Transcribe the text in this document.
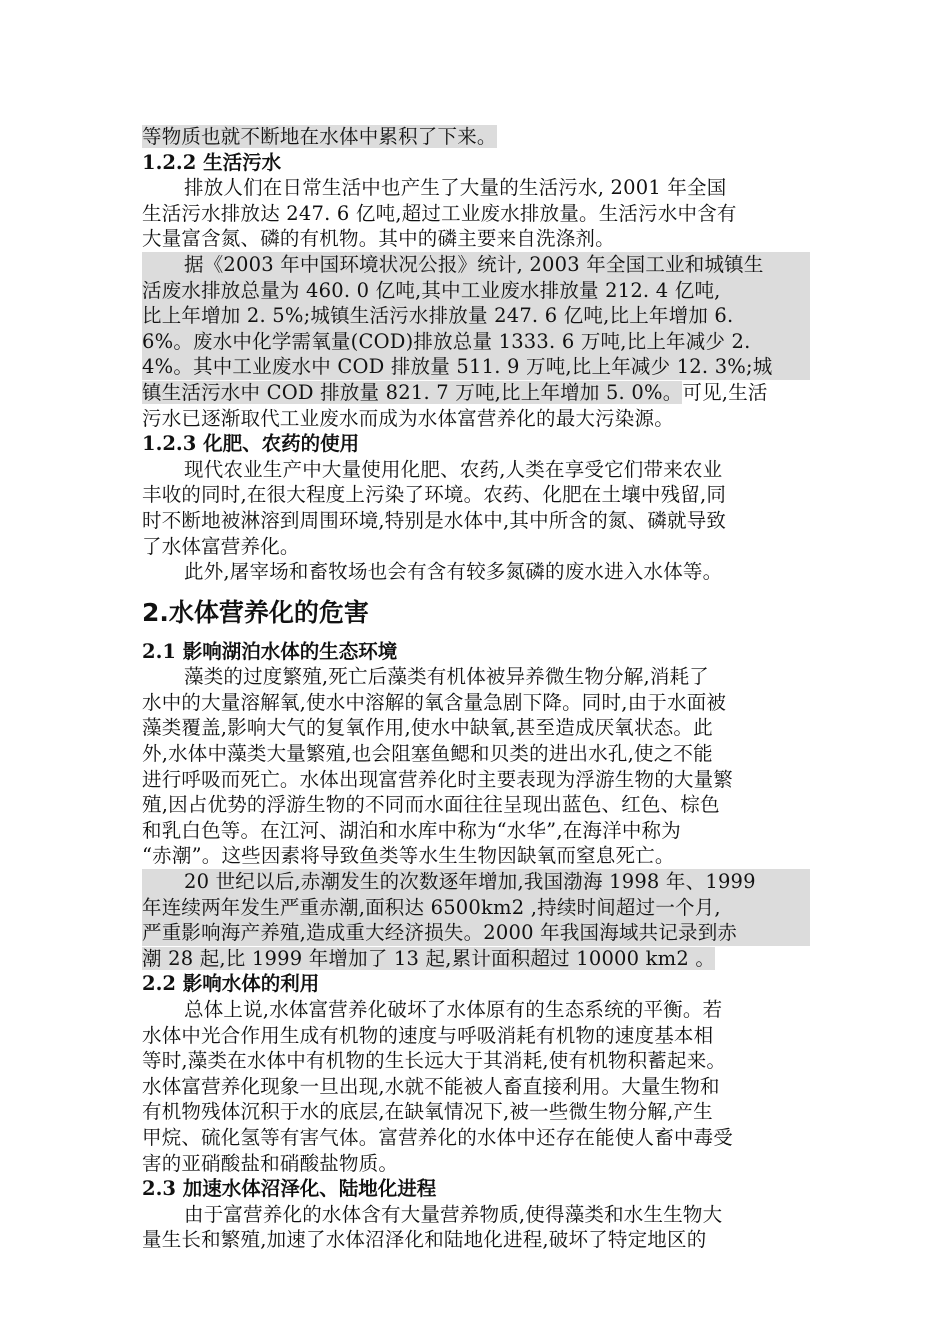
等物质也就不断地在水体中累积了下来。
1.2.2 生活污水
排放人们在日常生活中也产生了大量的生活污水, 2001 年全国
生活污水排放达 247. 6 亿吨,超过工业废水排放量。生活污水中含有
大量富含氮、磷的有机物。其中的磷主要来自洗涤剂。
据《2003 年中国环境状况公报》统计, 2003 年全国工业和城镇生
活废水排放总量为 460. 0 亿吨,其中工业废水排放量 212. 4 亿吨,
比上年增加 2. 5%;城镇生活污水排放量 247. 6 亿吨,比上年增加 6.
6%。废水中化学需氧量(COD)排放总量 1333. 6 万吨,比上年减少 2.
4%。其中工业废水中 COD 排放量 511. 9 万吨,比上年减少 12. 3%;城
镇生活污水中 COD 排放量 821. 7 万吨,比上年增加 5. 0%。可见,生活
污水已逐渐取代工业废水而成为水体富营养化的最大污染源。
1.2.3 化肥、农药的使用
现代农业生产中大量使用化肥、农药,人类在享受它们带来农业
丰收的同时,在很大程度上污染了环境。农药、化肥在土壤中残留,同
时不断地被淋溶到周围环境,特别是水体中,其中所含的氮、磷就导致
了水体富营养化。
此外,屠宰场和畜牧场也会有含有较多氮磷的废水进入水体等。
2.水体营养化的危害
2.1 影响湖泊水体的生态环境
藻类的过度繁殖,死亡后藻类有机体被异养微生物分解,消耗了
水中的大量溶解氧,使水中溶解的氧含量急剧下降。同时,由于水面被
藻类覆盖,影响大气的复氧作用,使水中缺氧,甚至造成厌氧状态。此
外,水体中藻类大量繁殖,也会阻塞鱼鳃和贝类的进出水孔,使之不能
进行呼吸而死亡。水体出现富营养化时主要表现为浮游生物的大量繁
殖,因占优势的浮游生物的不同而水面往往呈现出蓝色、红色、棕色
和乳白色等。在江河、湖泊和水库中称为“水华”,在海洋中称为
“赤潮”。这些因素将导致鱼类等水生生物因缺氧而窒息死亡。
20 世纪以后,赤潮发生的次数逐年增加,我国渤海 1998 年、1999
年连续两年发生严重赤潮,面积达 6500km2 ,持续时间超过一个月,
严重影响海产养殖,造成重大经济损失。2000 年我国海域共记录到赤
潮 28 起,比 1999 年增加了 13 起,累计面积超过 10000 km2 。
2.2 影响水体的利用
总体上说,水体富营养化破坏了水体原有的生态系统的平衡。若
水体中光合作用生成有机物的速度与呼吸消耗有机物的速度基本相
等时,藻类在水体中有机物的生长远大于其消耗,使有机物积蓄起来。
水体富营养化现象一旦出现,水就不能被人畜直接利用。大量生物和
有机物残体沉积于水的底层,在缺氧情况下,被一些微生物分解,产生
甲烷、硫化氢等有害气体。富营养化的水体中还存在能使人畜中毒受
害的亚硝酸盐和硝酸盐物质。
2.3 加速水体沼泽化、陆地化进程
由于富营养化的水体含有大量营养物质,使得藻类和水生生物大
量生长和繁殖,加速了水体沼泽化和陆地化进程,破坏了特定地区的
